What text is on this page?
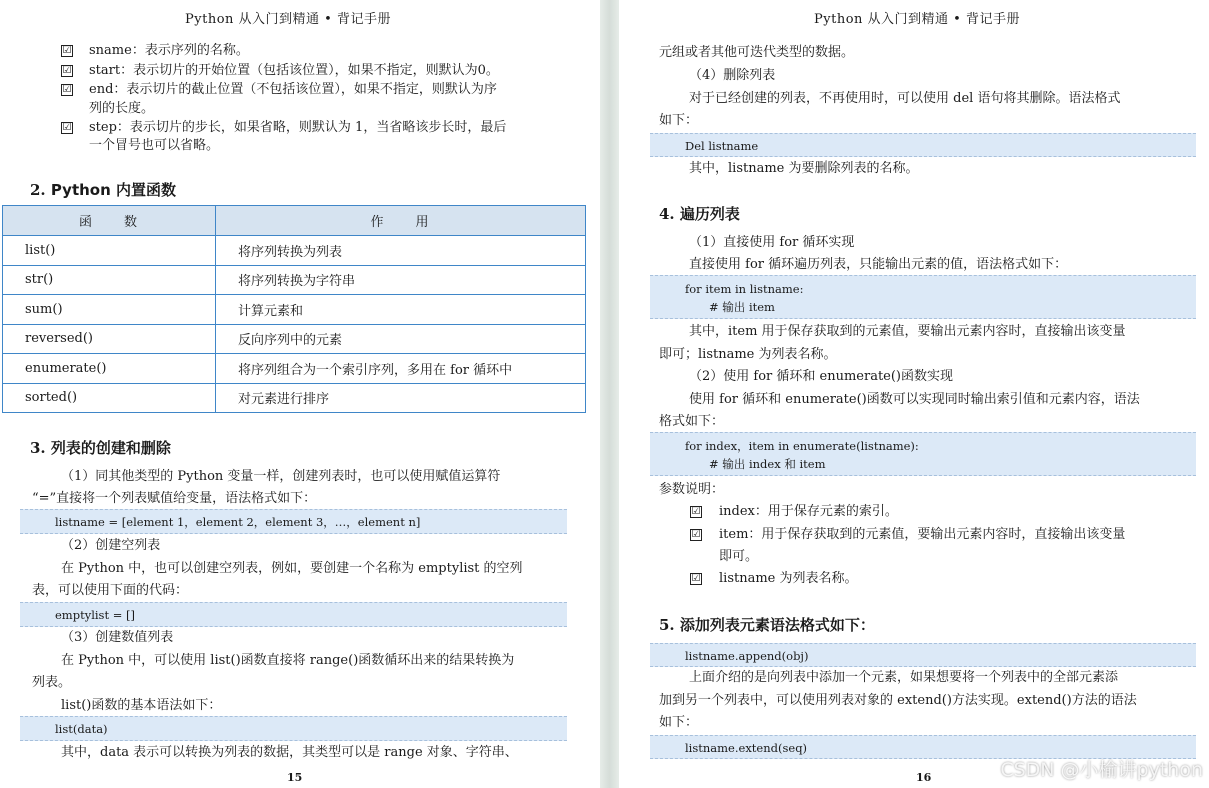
Python 从入门到精通 • 背记手册
☑ sname：表示序列的名称。
☑ start：表示切片的开始位置（包括该位置），如果不指定，则默认为0。
☑ end：表示切片的截止位置（不包括该位置），如果不指定，则默认为序
列的长度。
☑ step：表示切片的步长，如果省略，则默认为 1，当省略该步长时，最后
一个冒号也可以省略。
2. Python 内置函数
函　　数	作　　用
list()	将序列转换为列表
str()	将序列转换为字符串
sum()	计算元素和
reversed()	反向序列中的元素
enumerate()	将序列组合为一个索引序列，多用在 for 循环中
sorted()	对元素进行排序
3. 列表的创建和删除
（1）同其他类型的 Python 变量一样，创建列表时，也可以使用赋值运算符
“=”直接将一个列表赋值给变量，语法格式如下：
listname = [element 1，element 2，element 3，…，element n]
（2）创建空列表
在 Python 中，也可以创建空列表，例如，要创建一个名称为 emptylist 的空列
表，可以使用下面的代码：
emptylist = []
（3）创建数值列表
在 Python 中，可以使用 list()函数直接将 range()函数循环出来的结果转换为
列表。
list()函数的基本语法如下：
list(data)
其中，data 表示可以转换为列表的数据，其类型可以是 range 对象、字符串、
15
Python 从入门到精通 • 背记手册
元组或者其他可迭代类型的数据。
（4）删除列表
对于已经创建的列表，不再使用时，可以使用 del 语句将其删除。语法格式
如下：
Del listname
其中，listname 为要删除列表的名称。
4. 遍历列表
（1）直接使用 for 循环实现
直接使用 for 循环遍历列表，只能输出元素的值，语法格式如下：
for item in listname:
# 输出 item
其中，item 用于保存获取到的元素值，要输出元素内容时，直接输出该变量
即可；listname 为列表名称。
（2）使用 for 循环和 enumerate()函数实现
使用 for 循环和 enumerate()函数可以实现同时输出索引值和元素内容，语法
格式如下：
for index，item in enumerate(listname):
# 输出 index 和 item
参数说明：
☑ index：用于保存元素的索引。
☑ item：用于保存获取到的元素值，要输出元素内容时，直接输出该变量
即可。
☑ listname 为列表名称。
5. 添加列表元素语法格式如下：
listname.append(obj)
上面介绍的是向列表中添加一个元素，如果想要将一个列表中的全部元素添
加到另一个列表中，可以使用列表对象的 extend()方法实现。extend()方法的语法
如下：
listname.extend(seq)
16	CSDN @小榆讲python
